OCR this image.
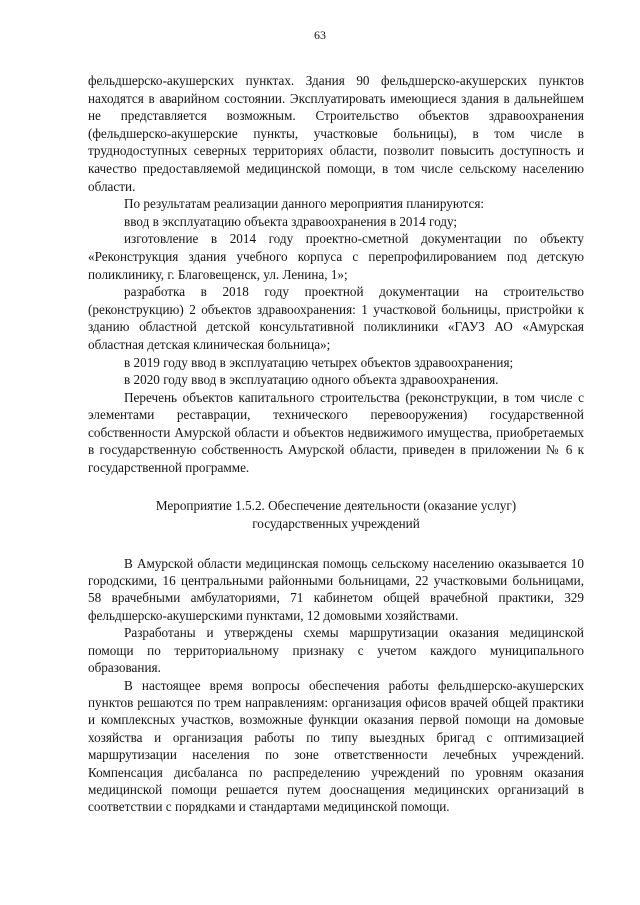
63

фельдшерско-акушерских пунктах. Здания 90 фельдшерско-акушерских пунктов находятся в аварийном состоянии. Эксплуатировать имеющиеся здания в дальнейшем не представляется возможным. Строительство объектов здравоохранения (фельдшерско-акушерские пункты, участковые больницы), в том числе в труднодоступных северных территориях области, позволит повысить доступность и качество предоставляемой медицинской помощи, в том числе сельскому населению области.

По результатам реализации данного мероприятия планируются:

ввод в эксплуатацию объекта здравоохранения в 2014 году;

изготовление в 2014 году проектно-сметной документации по объекту «Реконструкция здания учебного корпуса с перепрофилированием под детскую поликлинику, г. Благовещенск, ул. Ленина, 1»;

разработка в 2018 году проектной документации на строительство (реконструкцию) 2 объектов здравоохранения: 1 участковой больницы, пристройки к зданию областной детской консультативной поликлиники «ГАУЗ АО «Амурская областная детская клиническая больница»;

в 2019 году ввод в эксплуатацию четырех объектов здравоохранения;

в 2020 году ввод в эксплуатацию одного объекта здравоохранения.

Перечень объектов капитального строительства (реконструкции, в том числе с элементами реставрации, технического перевооружения) государственной собственности Амурской области и объектов недвижимого имущества, приобретаемых в государственную собственность Амурской области, приведен в приложении № 6 к государственной программе.

Мероприятие 1.5.2. Обеспечение деятельности (оказание услуг)
государственных учреждений

В Амурской области медицинская помощь сельскому населению оказывается 10 городскими, 16 центральными районными больницами, 22 участковыми больницами, 58 врачебными амбулаториями, 71 кабинетом общей врачебной практики, 329 фельдшерско-акушерскими пунктами, 12 домовыми хозяйствами.

Разработаны и утверждены схемы маршрутизации оказания медицинской помощи по территориальному признаку с учетом каждого муниципального образования.

В настоящее время вопросы обеспечения работы фельдшерско-акушерских пунктов решаются по трем направлениям: организация офисов врачей общей практики и комплексных участков, возможные функции оказания первой помощи на домовые хозяйства и организация работы по типу выездных бригад с оптимизацией маршрутизации населения по зоне ответственности лечебных учреждений. Компенсация дисбаланса по распределению учреждений по уровням оказания медицинской помощи решается путем дооснащения медицинских организаций в соответствии с порядками и стандартами медицинской помощи.
